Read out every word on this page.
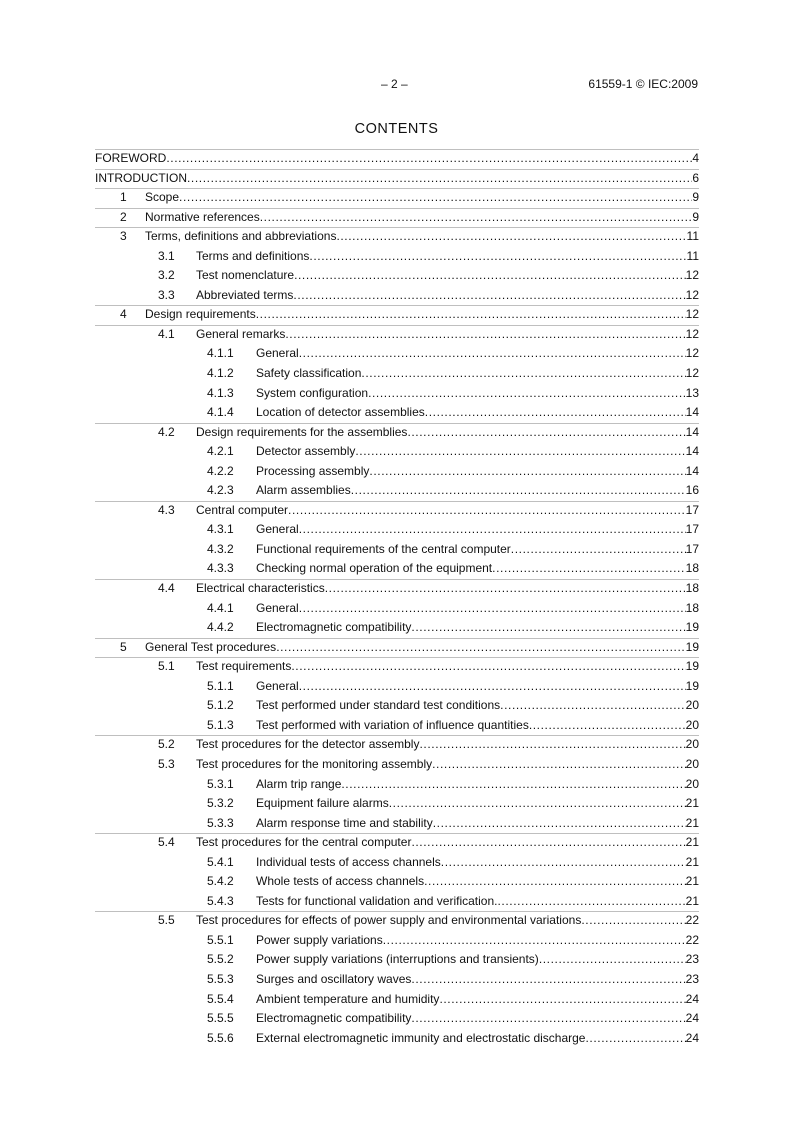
– 2 –	61559-1 © IEC:2009
CONTENTS
FOREWORD .....	4
INTRODUCTION .....	6
1	Scope .....	9
2	Normative references .....	9
3	Terms, definitions and abbreviations .....	11
3.1	Terms and definitions .....	11
3.2	Test nomenclature .....	12
3.3	Abbreviated terms .....	12
4	Design requirements .....	12
4.1	General remarks .....	12
4.1.1	General .....	12
4.1.2	Safety classification .....	12
4.1.3	System configuration .....	13
4.1.4	Location of detector assemblies .....	14
4.2	Design requirements for the assemblies .....	14
4.2.1	Detector assembly .....	14
4.2.2	Processing assembly .....	14
4.2.3	Alarm assemblies .....	16
4.3	Central computer .....	17
4.3.1	General .....	17
4.3.2	Functional requirements of the central computer .....	17
4.3.3	Checking normal operation of the equipment .....	18
4.4	Electrical characteristics .....	18
4.4.1	General .....	18
4.4.2	Electromagnetic compatibility .....	19
5	General Test procedures .....	19
5.1	Test requirements .....	19
5.1.1	General .....	19
5.1.2	Test performed under standard test conditions .....	20
5.1.3	Test performed with variation of influence quantities .....	20
5.2	Test procedures for the detector assembly .....	20
5.3	Test procedures for the monitoring assembly .....	20
5.3.1	Alarm trip range .....	20
5.3.2	Equipment failure alarms .....	21
5.3.3	Alarm response time and stability .....	21
5.4	Test procedures for the central computer .....	21
5.4.1	Individual tests of access channels .....	21
5.4.2	Whole tests of access channels .....	21
5.4.3	Tests for functional validation and verification. .....	21
5.5	Test procedures for effects of power supply and environmental variations .....	22
5.5.1	Power supply variations .....	22
5.5.2	Power supply variations (interruptions and transients) .....	23
5.5.3	Surges and oscillatory waves .....	23
5.5.4	Ambient temperature and humidity .....	24
5.5.5	Electromagnetic compatibility .....	24
5.5.6	External electromagnetic immunity and electrostatic discharge .....	24
